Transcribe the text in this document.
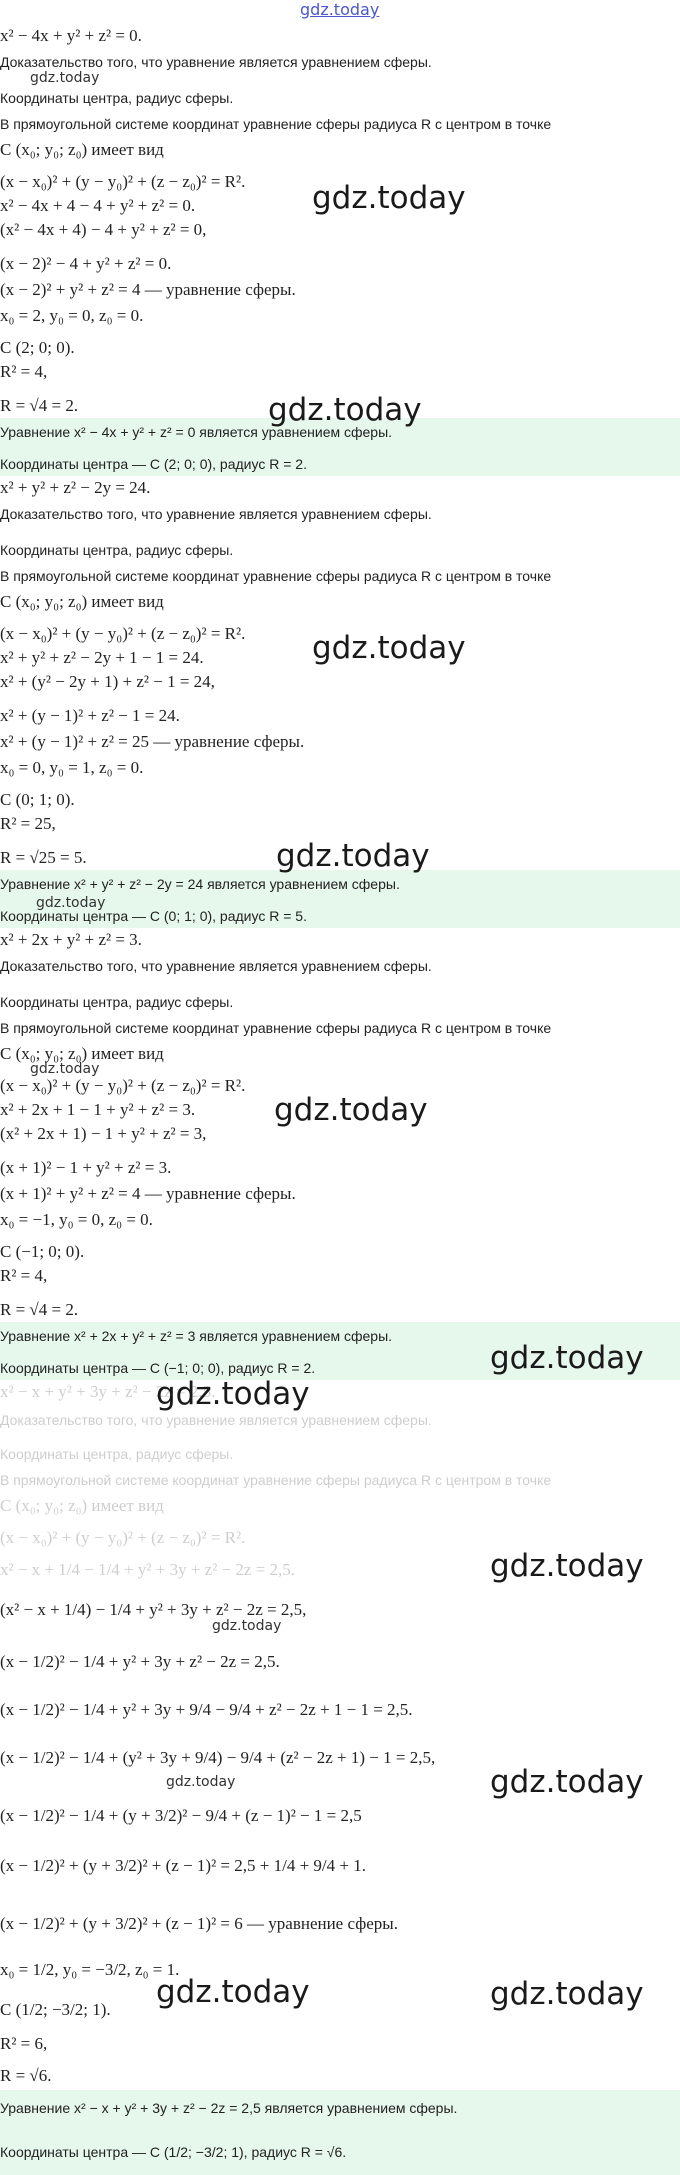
gdz.today
x² − 4x + y² + z² = 0.
Доказательство того, что уравнение является уравнением сферы.
Координаты центра, радиус сферы.
В прямоугольной системе координат уравнение сферы радиуса R с центром в точке
C (x₀; y₀; z₀) имеет вид
(x − x₀)² + (y − y₀)² + (z − z₀)² = R².
x² − 4x + 4 − 4 + y² + z² = 0.
(x² − 4x + 4) − 4 + y² + z² = 0,
(x − 2)² − 4 + y² + z² = 0.
(x − 2)² + y² + z² = 4 — уравнение сферы.
x₀ = 2, y₀ = 0, z₀ = 0.
C (2; 0; 0).
R² = 4,
R = √4 = 2.
Уравнение x² − 4x + y² + z² = 0 является уравнением сферы.
Координаты центра — C (2; 0; 0), радиус R = 2.
x² + y² + z² − 2y = 24.
Доказательство того, что уравнение является уравнением сферы.
Координаты центра, радиус сферы.
В прямоугольной системе координат уравнение сферы радиуса R с центром в точке
C (x₀; y₀; z₀) имеет вид
(x − x₀)² + (y − y₀)² + (z − z₀)² = R².
x² + y² + z² − 2y + 1 − 1 = 24.
x² + (y² − 2y + 1) + z² − 1 = 24,
x² + (y − 1)² + z² − 1 = 24.
x² + (y − 1)² + z² = 25 — уравнение сферы.
x₀ = 0, y₀ = 1, z₀ = 0.
C (0; 1; 0).
R² = 25,
R = √25 = 5.
Уравнение x² + y² + z² − 2y = 24 является уравнением сферы.
Координаты центра — C (0; 1; 0), радиус R = 5.
x² + 2x + y² + z² = 3.
Доказательство того, что уравнение является уравнением сферы.
Координаты центра, радиус сферы.
В прямоугольной системе координат уравнение сферы радиуса R с центром в точке
C (x₀; y₀; z₀) имеет вид
(x − x₀)² + (y − y₀)² + (z − z₀)² = R².
x² + 2x + 1 − 1 + y² + z² = 3.
(x² + 2x + 1) − 1 + y² + z² = 3,
(x + 1)² − 1 + y² + z² = 3.
(x + 1)² + y² + z² = 4 — уравнение сферы.
x₀ = −1, y₀ = 0, z₀ = 0.
C (−1; 0; 0).
R² = 4,
R = √4 = 2.
Уравнение x² + 2x + y² + z² = 3 является уравнением сферы.
Координаты центра — C (−1; 0; 0), радиус R = 2.
x² − x + y² + 3y + z² − 2z = 2,5.
Доказательство того, что уравнение является уравнением сферы.
Координаты центра, радиус сферы.
В прямоугольной системе координат уравнение сферы радиуса R с центром в точке
C (x₀; y₀; z₀) имеет вид
(x − x₀)² + (y − y₀)² + (z − z₀)² = R².
x² − x + 1/4 − 1/4 + y² + 3y + z² − 2z = 2,5.
(x² − x + 1/4) − 1/4 + y² + 3y + z² − 2z = 2,5,
(x − 1/2)² − 1/4 + y² + 3y + z² − 2z = 2,5.
(x − 1/2)² − 1/4 + y² + 3y + 9/4 − 9/4 + z² − 2z + 1 − 1 = 2,5.
(x − 1/2)² − 1/4 + (y² + 3y + 9/4) − 9/4 + (z² − 2z + 1) − 1 = 2,5,
(x − 1/2)² − 1/4 + (y + 3/2)² − 9/4 + (z − 1)² − 1 = 2,5
(x − 1/2)² + (y + 3/2)² + (z − 1)² = 2,5 + 1/4 + 9/4 + 1.
(x − 1/2)² + (y + 3/2)² + (z − 1)² = 6 — уравнение сферы.
x₀ = 1/2, y₀ = −3/2, z₀ = 1.
C (1/2; −3/2; 1).
R² = 6,
R = √6.
Уравнение x² − x + y² + 3y + z² − 2z = 2,5 является уравнением сферы.
Координаты центра — C (1/2; −3/2; 1), радиус R = √6.
gdz.today
gdz.today
gdz.today
gdz.today
gdz.today
gdz.today
gdz.today
gdz.today
gdz.today
gdz.today
gdz.today
gdz.today
gdz.today
gdz.today
gdz.today	gdz.today
